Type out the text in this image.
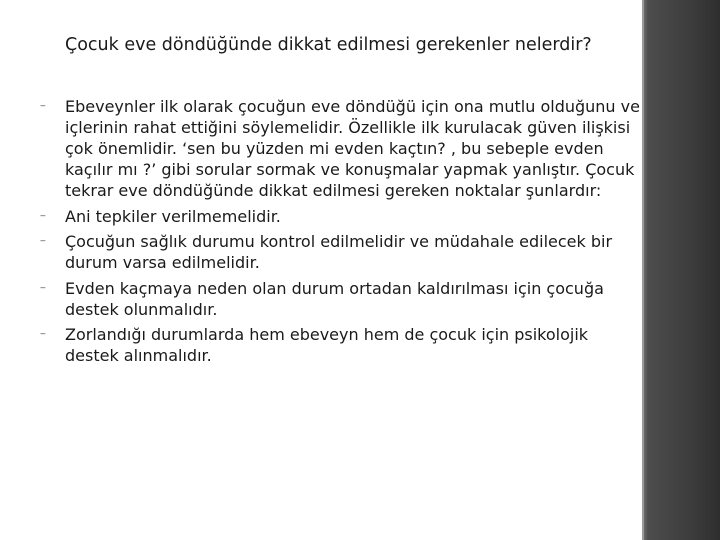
Çocuk eve döndüğünde dikkat edilmesi gerekenler nelerdir?
‒	Ebeveynler ilk olarak çocuğun eve döndüğü için ona mutlu olduğunu ve içlerinin rahat ettiğini söylemelidir. Özellikle ilk kurulacak güven ilişkisi çok önemlidir. ‘sen bu yüzden mi evden kaçtın? , bu sebeple evden kaçılır mı ?’ gibi sorular sormak ve konuşmalar yapmak yanlıştır. Çocuk tekrar eve döndüğünde dikkat edilmesi gereken noktalar şunlardır:
‒	Ani tepkiler verilmemelidir.
‒	Çocuğun sağlık durumu kontrol edilmelidir ve müdahale edilecek bir durum varsa edilmelidir.
‒	Evden kaçmaya neden olan durum ortadan kaldırılması için çocuğa destek olunmalıdır.
‒	Zorlandığı durumlarda hem ebeveyn hem de çocuk için psikolojik destek alınmalıdır.
